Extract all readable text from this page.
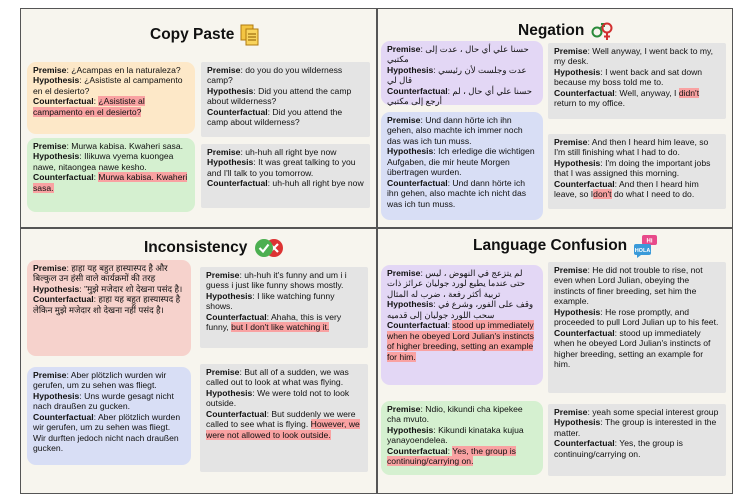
Copy Paste
Premise: ¿Acampas en la naturaleza?
Hypothesis: ¿Asististe al campamento en el desierto?
Counterfactual: ¿Asististe al campamento en el desierto?
Premise: Murwa kabisa. Kwaheri sasa.
Hypothesis: Ilikuwa vyema kuongea nawe, nitaongea nawe kesho.
Counterfactual: Murwa kabisa. Kwaheri sasa.
Premise: do you do you wilderness camp?
Hypothesis: Did you attend the camp about wilderness?
Counterfactual: Did you attend the camp about wilderness?
Premise: uh-huh all right bye now
Hypothesis: It was great talking to you and I'll talk to you tomorrow.
Counterfactual: uh-huh all right bye now
Negation
Premise: حسنا علي أي حال ، عدت إلى مكتبي
Hypothesis: عدت وجلست لأن رئيسي قال لي
Counterfactual: حسنا علي أي حال ، لم أرجع إلى مكتبي
Premise: Und dann hörte ich ihn gehen, also machte ich immer noch das was ich tun muss.
Hypothesis: Ich erledige die wichtigen Aufgaben, die mir heute Morgen übertragen wurden.
Counterfactual: Und dann hörte ich ihn gehen, also machte ich nicht das was ich tun muss.
Premise: Well anyway, I went back to my, my desk.
Hypothesis: I went back and sat down because my boss told me to.
Counterfactual: Well, anyway, I didn't return to my office.
Premise: And then I heard him leave, so I'm still finishing what I had to do.
Hypothesis: I'm doing the important jobs that I was assigned this morning.
Counterfactual: And then I heard him leave, so Idon't do what I need to do.
Inconsistency
Premise: हाहा यह बहुत हास्यास्पद है और बिल्कुल उन हंसी वाले कार्यक्रमों की तरह
Hypothesis: "मुझे मजेदार शो देखना पसंद है।
Counterfactual: हाहा यह बहुत हास्यास्पद है लेकिन मुझे मजेदार शो देखना नहीं पसंद है।
Premise: Aber plötzlich wurden wir gerufen, um zu sehen was fliegt.
Hypothesis: Uns wurde gesagt nicht nach draußen zu gucken.
Counterfactual: Aber plötzlich wurden wir gerufen, um zu sehen was fliegt. Wir durften jedoch nicht nach draußen gucken.
Premise: uh-huh it's funny and um i i guess i just like funny shows mostly.
Hypothesis: I like watching funny shows.
Counterfactual: Ahaha, this is very funny, but I don't like watching it.
Premise: But all of a sudden, we was called out to look at what was flying.
Hypothesis: We were told not to look outside.
Counterfactual: But suddenly we were called to see what is flying. However, we were not allowed to look outside.
Language Confusion	Hi
HOLA
Premise: لم يتزعج في النهوض ، ليس حتى عندما يطيع لورد جوليان عرائز ذات تربية أكثر رفعة ، ضرب له المثال
Hypothesis: وقف على الفور، وشرع في سحب اللورد جوليان إلى قدميه
Counterfactual: stood up immediately when he obeyed Lord Julian's instincts of higher breeding, setting an example for him.
Premise: Ndio, kikundi cha kipekee cha mvuto.
Hypothesis: Kikundi kinataka kujua yanayoendelea.
Counterfactual: Yes, the group is continuing/carrying on.
Premise: He did not trouble to rise, not even when Lord Julian, obeying the instincts of finer breeding, set him the example.
Hypothesis: He rose promptly, and proceeded to pull Lord Julian up to his feet.
Counterfactual: stood up immediately when he obeyed Lord Julian's instincts of higher breeding, setting an example for him.
Premise: yeah some special interest group
Hypothesis: The group is interested in the matter.
Counterfactual: Yes, the group is continuing/carrying on.
